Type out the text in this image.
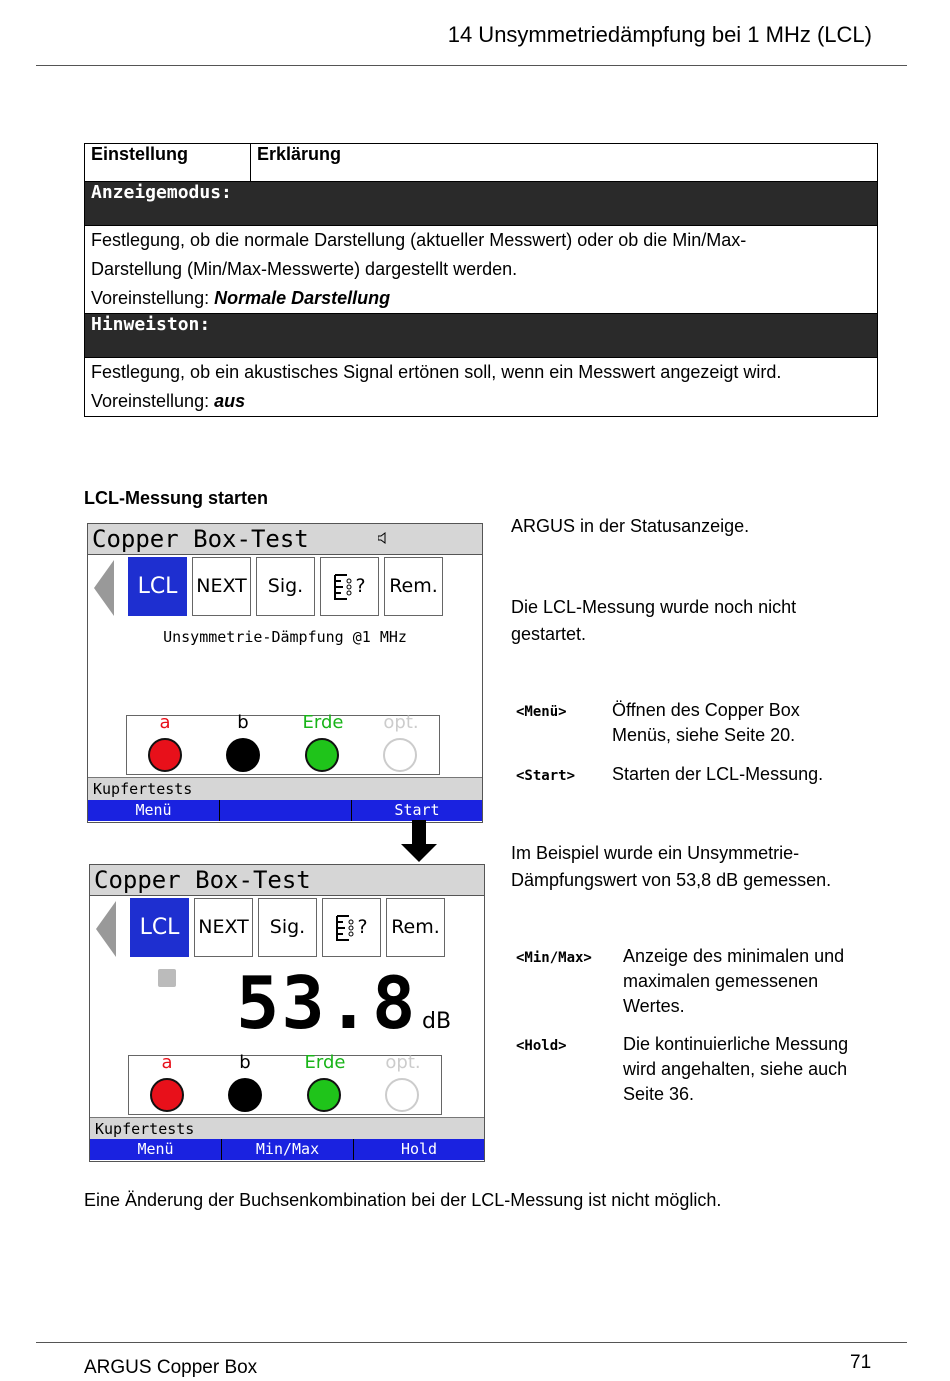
14 Unsymmetriedämpfung bei 1 MHz (LCL)
Einstellung	Erklärung
Anzeigemodus:
Festlegung, ob die normale Darstellung (aktueller Messwert) oder ob die Min/Max-
Darstellung (Min/Max-Messwerte) dargestellt werden.
Voreinstellung: Normale Darstellung
Hinweiston:
Festlegung, ob ein akustisches Signal ertönen soll, wenn ein Messwert angezeigt wird.
Voreinstellung: aus
LCL-Messung starten
Copper Box-Test
LCL NEXT	Sig.	?	Rem.
Unsymmetrie-Dämpfung @1 MHz
a	b	Erde	opt.
Kupfertests
Menü	Start
Copper Box-Test
LCL NEXT	Sig.	?	Rem.
53.8 dB
a	b	Erde	opt.
Kupfertests
Menü	Min/Max	Hold
ARGUS in der Statusanzeige.
Die LCL-Messung wurde noch nicht
gestartet.
<Menü>	Öffnen des Copper Box
Menüs, siehe Seite 20.
<Start> Starten der LCL-Messung.
Im Beispiel wurde ein Unsymmetrie-
Dämpfungswert von 53,8 dB gemessen.
<Min/Max> Anzeige des minimalen und
maximalen gemessenen
Wertes.
<Hold>	Die kontinuierliche Messung
wird angehalten, siehe auch
Seite 36.
Eine Änderung der Buchsenkombination bei der LCL-Messung ist nicht möglich.
ARGUS Copper Box	71
